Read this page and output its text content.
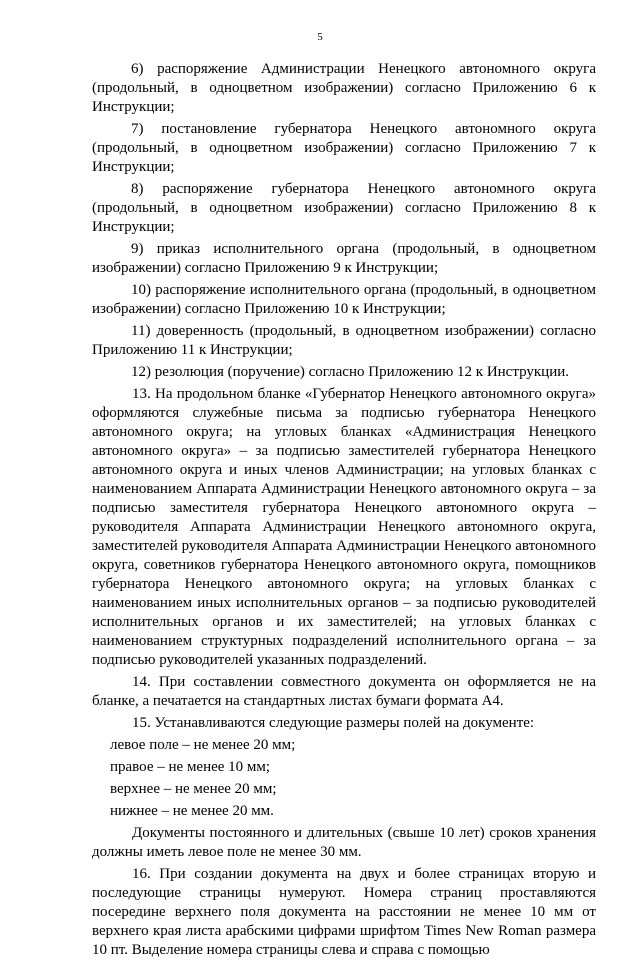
5

6) распоряжение Администрации Ненецкого автономного округа (продольный, в одноцветном изображении) согласно Приложению 6 к Инструкции;

7) постановление губернатора Ненецкого автономного округа (продольный, в одноцветном изображении) согласно Приложению 7 к Инструкции;

8) распоряжение губернатора Ненецкого автономного округа (продольный, в одноцветном изображении) согласно Приложению 8 к Инструкции;

9) приказ исполнительного органа (продольный, в одноцветном изображении) согласно Приложению 9 к Инструкции;

10) распоряжение исполнительного органа (продольный, в одноцветном изображении) согласно Приложению 10 к Инструкции;

11) доверенность (продольный, в одноцветном изображении) согласно Приложению 11 к Инструкции;

12) резолюция (поручение) согласно Приложению 12 к Инструкции.

13. На продольном бланке «Губернатор Ненецкого автономного округа» оформляются служебные письма за подписью губернатора Ненецкого автономного округа; на угловых бланках «Администрация Ненецкого автономного округа» – за подписью заместителей губернатора Ненецкого автономного округа и иных членов Администрации; на угловых бланках с наименованием Аппарата Администрации Ненецкого автономного округа – за подписью заместителя губернатора Ненецкого автономного округа – руководителя Аппарата Администрации Ненецкого автономного округа, заместителей руководителя Аппарата Администрации Ненецкого автономного округа, советников губернатора Ненецкого автономного округа, помощников губернатора Ненецкого автономного округа; на угловых бланках с наименованием иных исполнительных органов – за подписью руководителей исполнительных органов и их заместителей; на угловых бланках с наименованием структурных подразделений исполнительного органа – за подписью руководителей указанных подразделений.

14. При составлении совместного документа он оформляется не на бланке, а печатается на стандартных листах бумаги формата А4.

15. Устанавливаются следующие размеры полей на документе:

левое поле – не менее 20 мм;

правое – не менее 10 мм;

верхнее – не менее 20 мм;

нижнее – не менее 20 мм.

Документы постоянного и длительных (свыше 10 лет) сроков хранения должны иметь левое поле не менее 30 мм.

16. При создании документа на двух и более страницах вторую и последующие страницы нумеруют. Номера страниц проставляются посередине верхнего поля документа на расстоянии не менее 10 мм от верхнего края листа арабскими цифрами шрифтом Times New Roman размера 10 пт. Выделение номера страницы слева и справа с помощью
